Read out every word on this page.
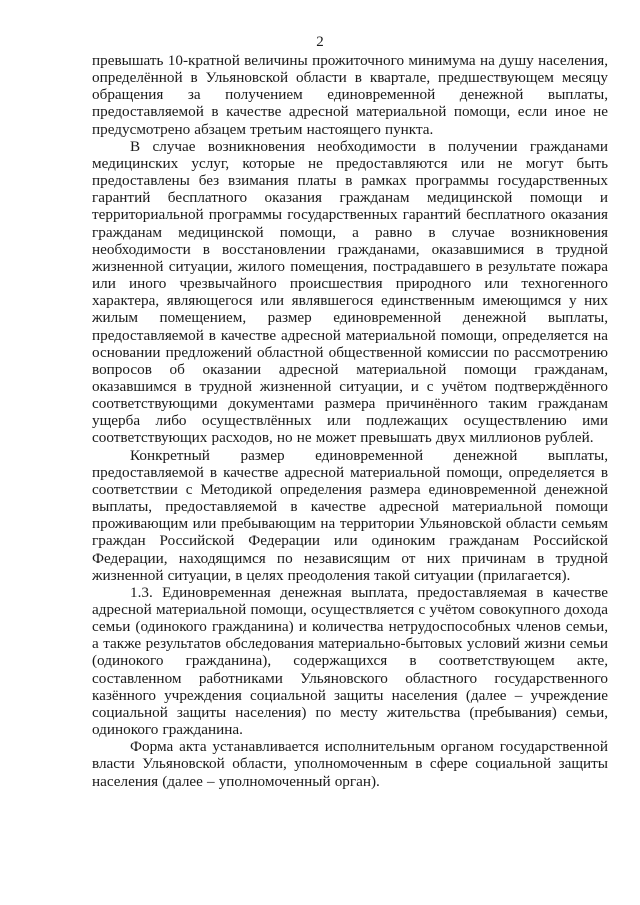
2

превышать 10-кратной величины прожиточного минимума на душу населения, определённой в Ульяновской области в квартале, предшествующем месяцу обращения за получением единовременной денежной выплаты, предоставляемой в качестве адресной материальной помощи, если иное не предусмотрено абзацем третьим настоящего пункта.

В случае возникновения необходимости в получении гражданами медицинских услуг, которые не предоставляются или не могут быть предоставлены без взимания платы в рамках программы государственных гарантий бесплатного оказания гражданам медицинской помощи и территориальной программы государственных гарантий бесплатного оказания гражданам медицинской помощи, а равно в случае возникновения необходимости в восстановлении гражданами, оказавшимися в трудной жизненной ситуации, жилого помещения, пострадавшего в результате пожара или иного чрезвычайного происшествия природного или техногенного характера, являющегося или являвшегося единственным имеющимся у них жилым помещением, размер единовременной денежной выплаты, предоставляемой в качестве адресной материальной помощи, определяется на основании предложений областной общественной комиссии по рассмотрению вопросов об оказании адресной материальной помощи гражданам, оказавшимся в трудной жизненной ситуации, и с учётом подтверждённого соответствующими документами размера причинённого таким гражданам ущерба либо осуществлённых или подлежащих осуществлению ими соответствующих расходов, но не может превышать двух миллионов рублей.

Конкретный размер единовременной денежной выплаты, предоставляемой в качестве адресной материальной помощи, определяется в соответствии с Методикой определения размера единовременной денежной выплаты, предоставляемой в качестве адресной материальной помощи проживающим или пребывающим на территории Ульяновской области семьям граждан Российской Федерации или одиноким гражданам Российской Федерации, находящимся по независящим от них причинам в трудной жизненной ситуации, в целях преодоления такой ситуации (прилагается).

1.3. Единовременная денежная выплата, предоставляемая в качестве адресной материальной помощи, осуществляется с учётом совокупного дохода семьи (одинокого гражданина) и количества нетрудоспособных членов семьи, а также результатов обследования материально-бытовых условий жизни семьи (одинокого гражданина), содержащихся в соответствующем акте, составленном работниками Ульяновского областного государственного казённого учреждения социальной защиты населения (далее – учреждение социальной защиты населения) по месту жительства (пребывания) семьи, одинокого гражданина.

Форма акта устанавливается исполнительным органом государственной власти Ульяновской области, уполномоченным в сфере социальной защиты населения (далее – уполномоченный орган).
